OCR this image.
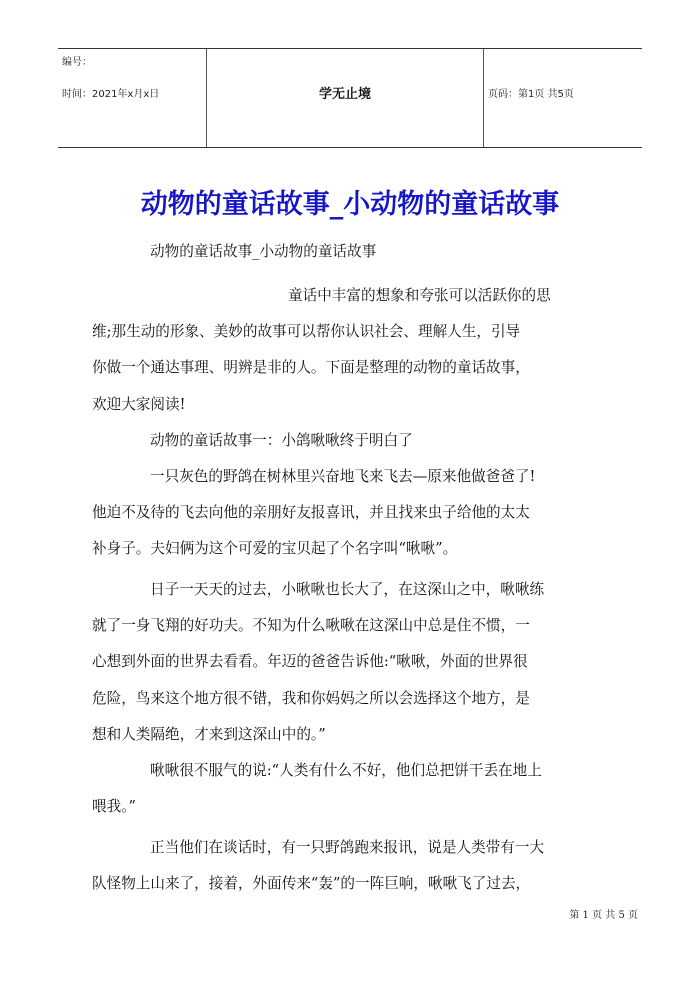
编号：
时间：2021年x月x日	学无止境	页码：第1页 共5页
动物的童话故事_小动物的童话故事
动物的童话故事_小动物的童话故事
童话中丰富的想象和夸张可以活跃你的思
维;那生动的形象、美妙的故事可以帮你认识社会、理解人生，引导
你做一个通达事理、明辨是非的人。下面是整理的动物的童话故事，
欢迎大家阅读!
动物的童话故事一：小鸽啾啾终于明白了
一只灰色的野鸽在树林里兴奋地飞来飞去—原来他做爸爸了!
他迫不及待的飞去向他的亲朋好友报喜讯，并且找来虫子给他的太太
补身子。夫妇俩为这个可爱的宝贝起了个名字叫“啾啾”。
日子一天天的过去，小啾啾也长大了，在这深山之中，啾啾练
就了一身飞翔的好功夫。不知为什么啾啾在这深山中总是住不惯，一
心想到外面的世界去看看。年迈的爸爸告诉他:“啾啾，外面的世界很
危险，鸟来这个地方很不错，我和你妈妈之所以会选择这个地方，是
想和人类隔绝，才来到这深山中的。”
啾啾很不服气的说:“人类有什么不好，他们总把饼干丢在地上
喂我。”
正当他们在谈话时，有一只野鸽跑来报讯，说是人类带有一大
队怪物上山来了，接着，外面传来“轰”的一阵巨响，啾啾飞了过去，
第 1 页 共 5 页
